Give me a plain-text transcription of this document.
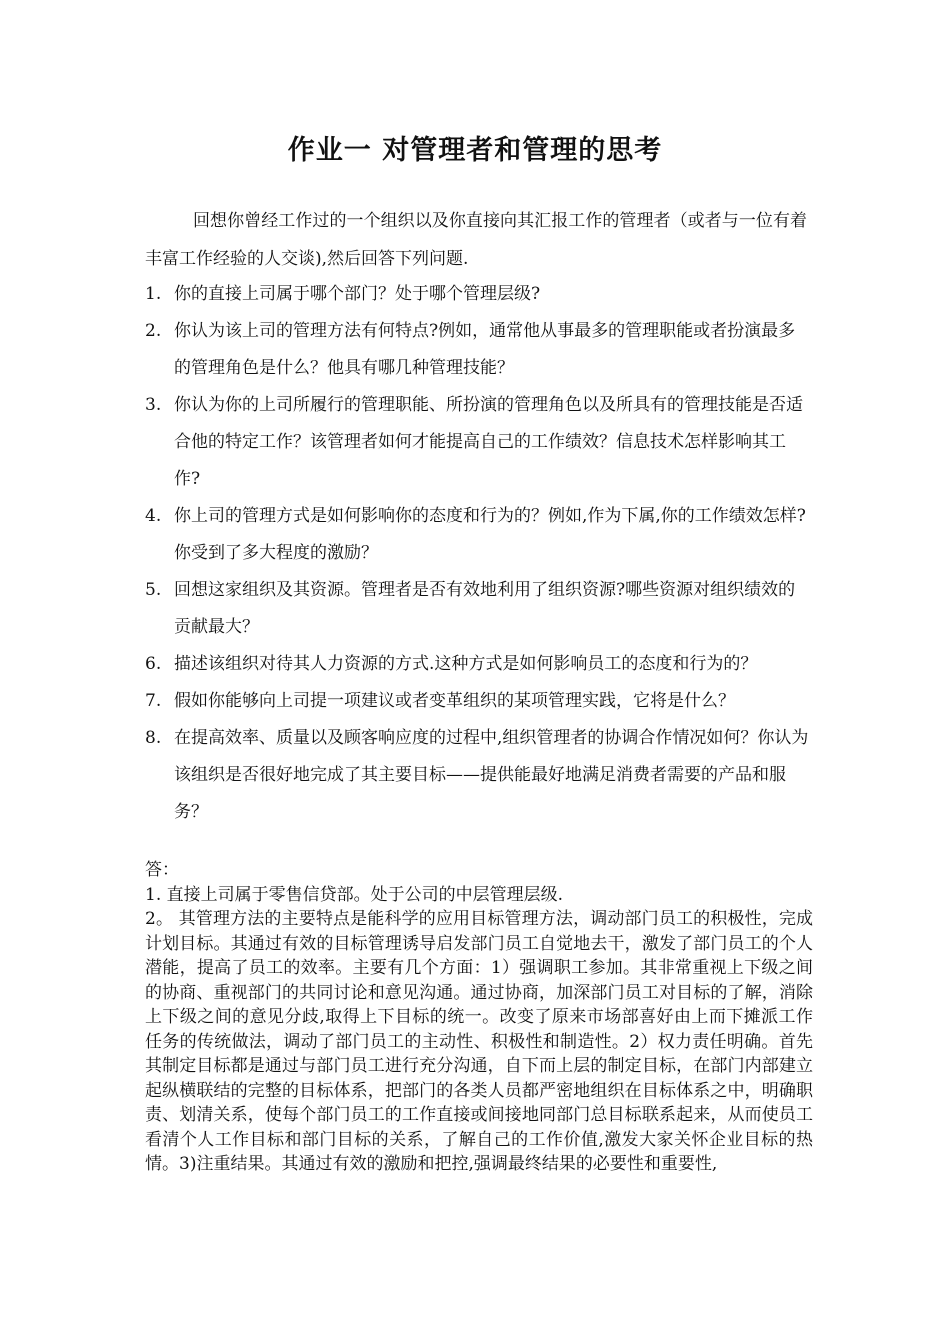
作业一 对管理者和管理的思考

回想你曾经工作过的一个组织以及你直接向其汇报工作的管理者（或者与一位有着丰富工作经验的人交谈),然后回答下列问题.

1. 你的直接上司属于哪个部门？处于哪个管理层级?
2. 你认为该上司的管理方法有何特点?例如，通常他从事最多的管理职能或者扮演最多的管理角色是什么？他具有哪几种管理技能？
3. 你认为你的上司所履行的管理职能、所扮演的管理角色以及所具有的管理技能是否适合他的特定工作？该管理者如何才能提高自己的工作绩效？信息技术怎样影响其工作?
4. 你上司的管理方式是如何影响你的态度和行为的？例如,作为下属,你的工作绩效怎样?你受到了多大程度的激励？
5. 回想这家组织及其资源。管理者是否有效地利用了组织资源?哪些资源对组织绩效的贡献最大？
6. 描述该组织对待其人力资源的方式.这种方式是如何影响员工的态度和行为的？
7. 假如你能够向上司提一项建议或者变革组织的某项管理实践，它将是什么？
8. 在提高效率、质量以及顾客响应度的过程中,组织管理者的协调合作情况如何？你认为该组织是否很好地完成了其主要目标——提供能最好地满足消费者需要的产品和服务？

答：

1. 直接上司属于零售信贷部。处于公司的中层管理层级.

2。 其管理方法的主要特点是能科学的应用目标管理方法，调动部门员工的积极性，完成计划目标。其通过有效的目标管理诱导启发部门员工自觉地去干，激发了部门员工的个人潜能，提高了员工的效率。主要有几个方面：1）强调职工参加。其非常重视上下级之间的协商、重视部门的共同讨论和意见沟通。通过协商，加深部门员工对目标的了解，消除上下级之间的意见分歧,取得上下目标的统一。改变了原来市场部喜好由上而下摊派工作任务的传统做法，调动了部门员工的主动性、积极性和制造性。2）权力责任明确。首先其制定目标都是通过与部门员工进行充分沟通，自下而上层的制定目标，在部门内部建立起纵横联结的完整的目标体系，把部门的各类人员都严密地组织在目标体系之中，明确职责、划清关系，使每个部门员工的工作直接或间接地同部门总目标联系起来，从而使员工看清个人工作目标和部门目标的关系，了解自己的工作价值,激发大家关怀企业目标的热情。3)注重结果。其通过有效的激励和把控,强调最终结果的必要性和重要性,
